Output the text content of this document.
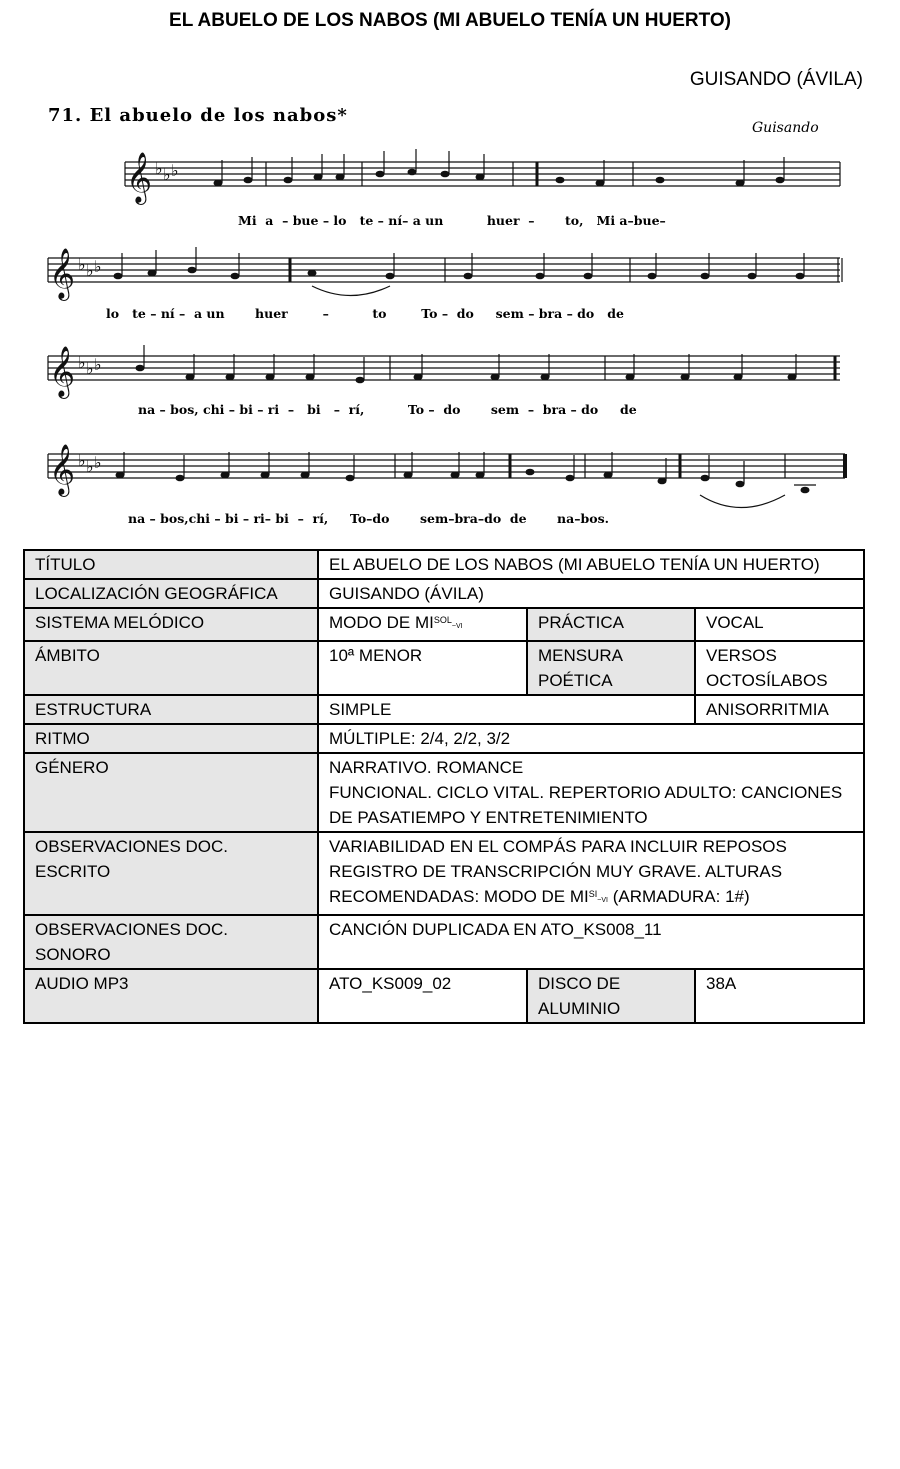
EL ABUELO DE LOS NABOS (MI ABUELO TENÍA UN HUERTO)
GUISANDO (ÁVILA)
71. El abuelo de los nabos*
Guisando
𝄞
𝄞
𝄞
𝄞
♭ ♭ ♭
♭ ♭ ♭
♭ ♭ ♭
♭ ♭ ♭
Mi  a  – bue – lo   te – ní– a un          huer  –       to,   Mi a–bue–
lo   te – ní –  a un       huer        –          to        To –  do     sem – bra – do   de
na – bos, chi – bi – ri  –   bi   –  rí,          To –  do       sem  –  bra – do     de
na – bos,chi – bi – ri– bi  –  rí,     To–do       sem–bra–do  de       na–bos.
TÍTULO	EL ABUELO DE LOS NABOS (MI ABUELO TENÍA UN HUERTO)		
LOCALIZACIÓN GEOGRÁFICA	GUISANDO (ÁVILA)		
SISTEMA MELÓDICO	MODO DE $MI^{SOL}\sim VI$	PRÁCTICA	VOCAL
ÁMBITO	10ª MENOR	MENSURA POÉTICA	VERSOS OCTOSÍLABOS
ESTRUCTURA	SIMPLE		ANISORRITMIA
RITMO	MÚLTIPLE: 2/4, 2/2, 3/2		
GÉNERO	NARRATIVO. ROMANCE
FUNCIONAL. CICLO VITAL. REPERTORIO ADULTO: CANCIONES DE PASATIEMPO Y ENTRETENIMIENTO		

OBSERVACIONES DOC. ESCRITO	VARIABILIDAD EN EL COMPÁS PARA INCLUIR REPOSOS
REGISTRO DE TRANSCRIPCIÓN MUY GRAVE. ALTURAS RECOMENDADAS: MODO DE $MI^{SI}\sim VI$ (ARMADURA: 1#)		

OBSERVACIONES DOC. SONORO	CANCIÓN DUPLICADA EN ATO_KS008_11		
AUDIO MP3	ATO_KS009_02	DISCO DE ALUMINIO	38A
